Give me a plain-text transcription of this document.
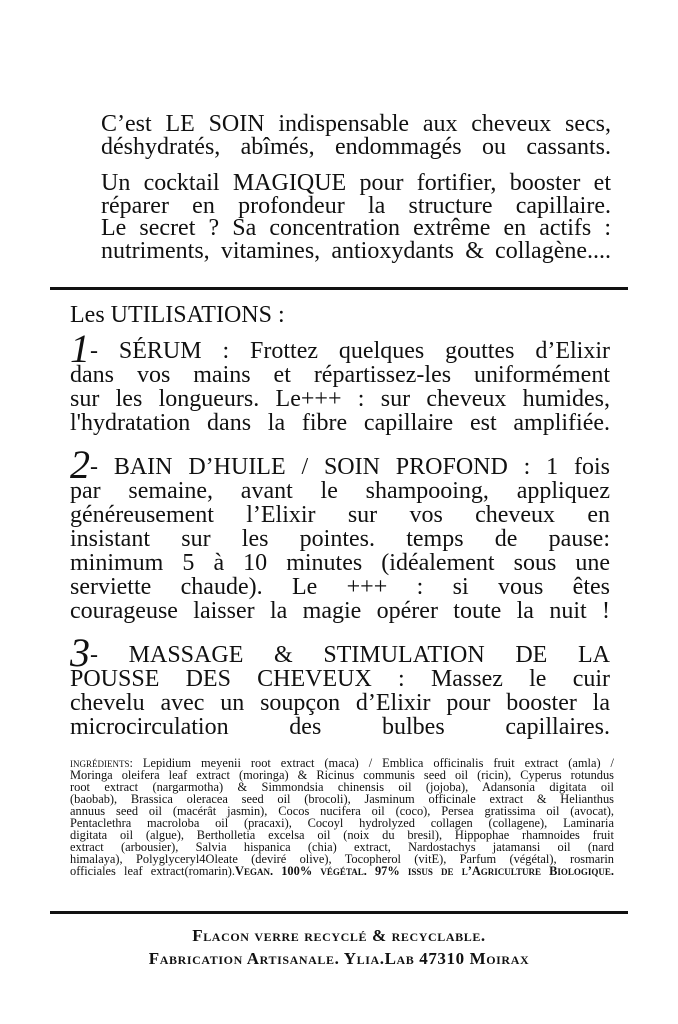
C’est LE SOIN indispensable aux cheveux secs,
déshydratés, abîmés, endommagés ou cassants.
Un cocktail MAGIQUE pour fortifier, booster et
réparer en profondeur la structure capillaire.
Le secret ? Sa concentration extrême en actifs :
nutriments, vitamines, antioxydants & collagène....
Les UTILISATIONS :
1- SÉRUM : Frottez quelques gouttes d’Elixir
dans vos mains et répartissez-les uniformément
sur les longueurs. Le+++ : sur cheveux humides,
l'hydratation dans la fibre capillaire est amplifiée.
2- BAIN D’HUILE / SOIN PROFOND : 1 fois
par semaine, avant le shampooing, appliquez
généreusement l’Elixir sur vos cheveux en
insistant sur les pointes. temps de pause:
minimum 5 à 10 minutes (idéalement sous une
serviette chaude). Le +++ : si vous êtes
courageuse laisser la magie opérer toute la nuit !
3- MASSAGE & STIMULATION DE LA
POUSSE DES CHEVEUX : Massez le cuir
chevelu avec un soupçon d’Elixir pour booster la
microcirculation des bulbes capillaires.
ingrédients: Lepidium meyenii root extract (maca) / Emblica officinalis fruit extract (amla) /
Moringa oleifera leaf extract (moringa) & Ricinus communis seed oil (ricin), Cyperus rotundus
root extract (nargarmotha) & Simmondsia chinensis oil (jojoba), Adansonia digitata oil
(baobab), Brassica oleracea seed oil (brocoli), Jasminum officinale extract & Helianthus
annuus seed oil (macérât jasmin), Cocos nucifera oil (coco), Persea gratissima oil (avocat),
Pentaclethra macroloba oil (pracaxi), Cocoyl hydrolyzed collagen (collagene), Laminaria
digitata oil (algue), Bertholletia excelsa oil (noix du bresil), Hippophae rhamnoides fruit
extract (arbousier), Salvia hispanica (chia) extract, Nardostachys jatamansi oil (nard
himalaya), Polyglyceryl4Oleate (deviré olive), Tocopherol (vitE), Parfum (végétal), rosmarin
officiales leaf extract(romarin).Vegan. 100% végétal. 97% issus de l’Agriculture Biologique.
Flacon verre recyclé & recyclable.
Fabrication Artisanale. Ylia.Lab 47310 Moirax
